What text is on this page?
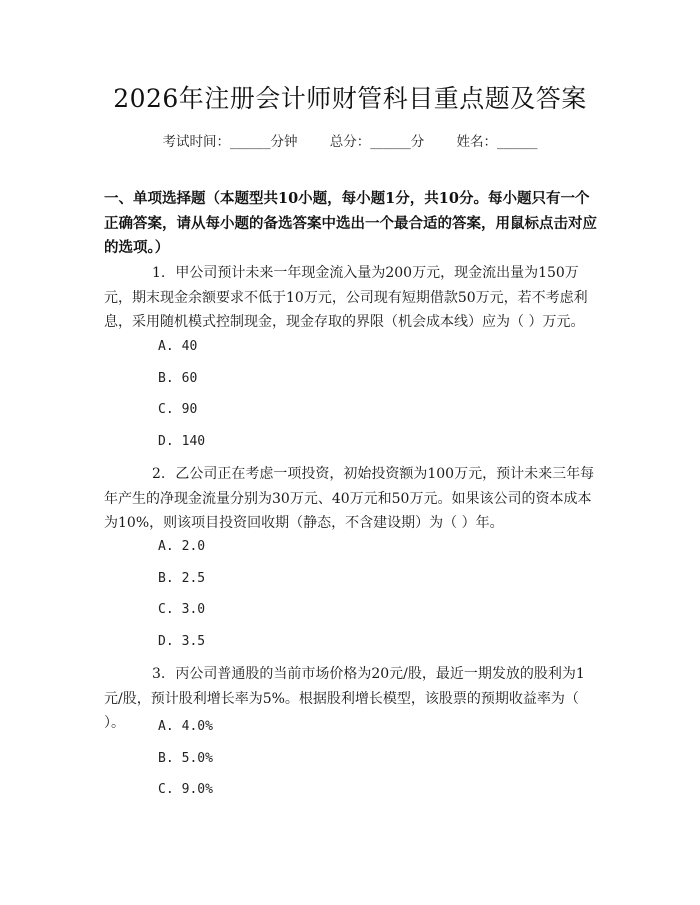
2026年注册会计师财管科目重点题及答案
考试时间：______分钟 总分：______分 姓名：______
一、单项选择题（本题型共10小题，每小题1分，共10分。每小题只有一个正确答案，请从每小题的备选答案中选出一个最合适的答案，用鼠标点击对应的选项。）
1. 甲公司预计未来一年现金流入量为200万元，现金流出量为150万元，期末现金余额要求不低于10万元，公司现有短期借款50万元，若不考虑利息，采用随机模式控制现金，现金存取的界限（机会成本线）应为（ ）万元。
A. 40
B. 60
C. 90
D. 140
2. 乙公司正在考虑一项投资，初始投资额为100万元，预计未来三年每年产生的净现金流量分别为30万元、40万元和50万元。如果该公司的资本成本为10%，则该项目投资回收期（静态，不含建设期）为（ ）年。
A. 2.0
B. 2.5
C. 3.0
D. 3.5
3. 丙公司普通股的当前市场价格为20元/股，最近一期发放的股利为1元/股，预计股利增长率为5%。根据股利增长模型，该股票的预期收益率为（ ）。	A. 4.0%
B. 5.0%
C. 9.0%
